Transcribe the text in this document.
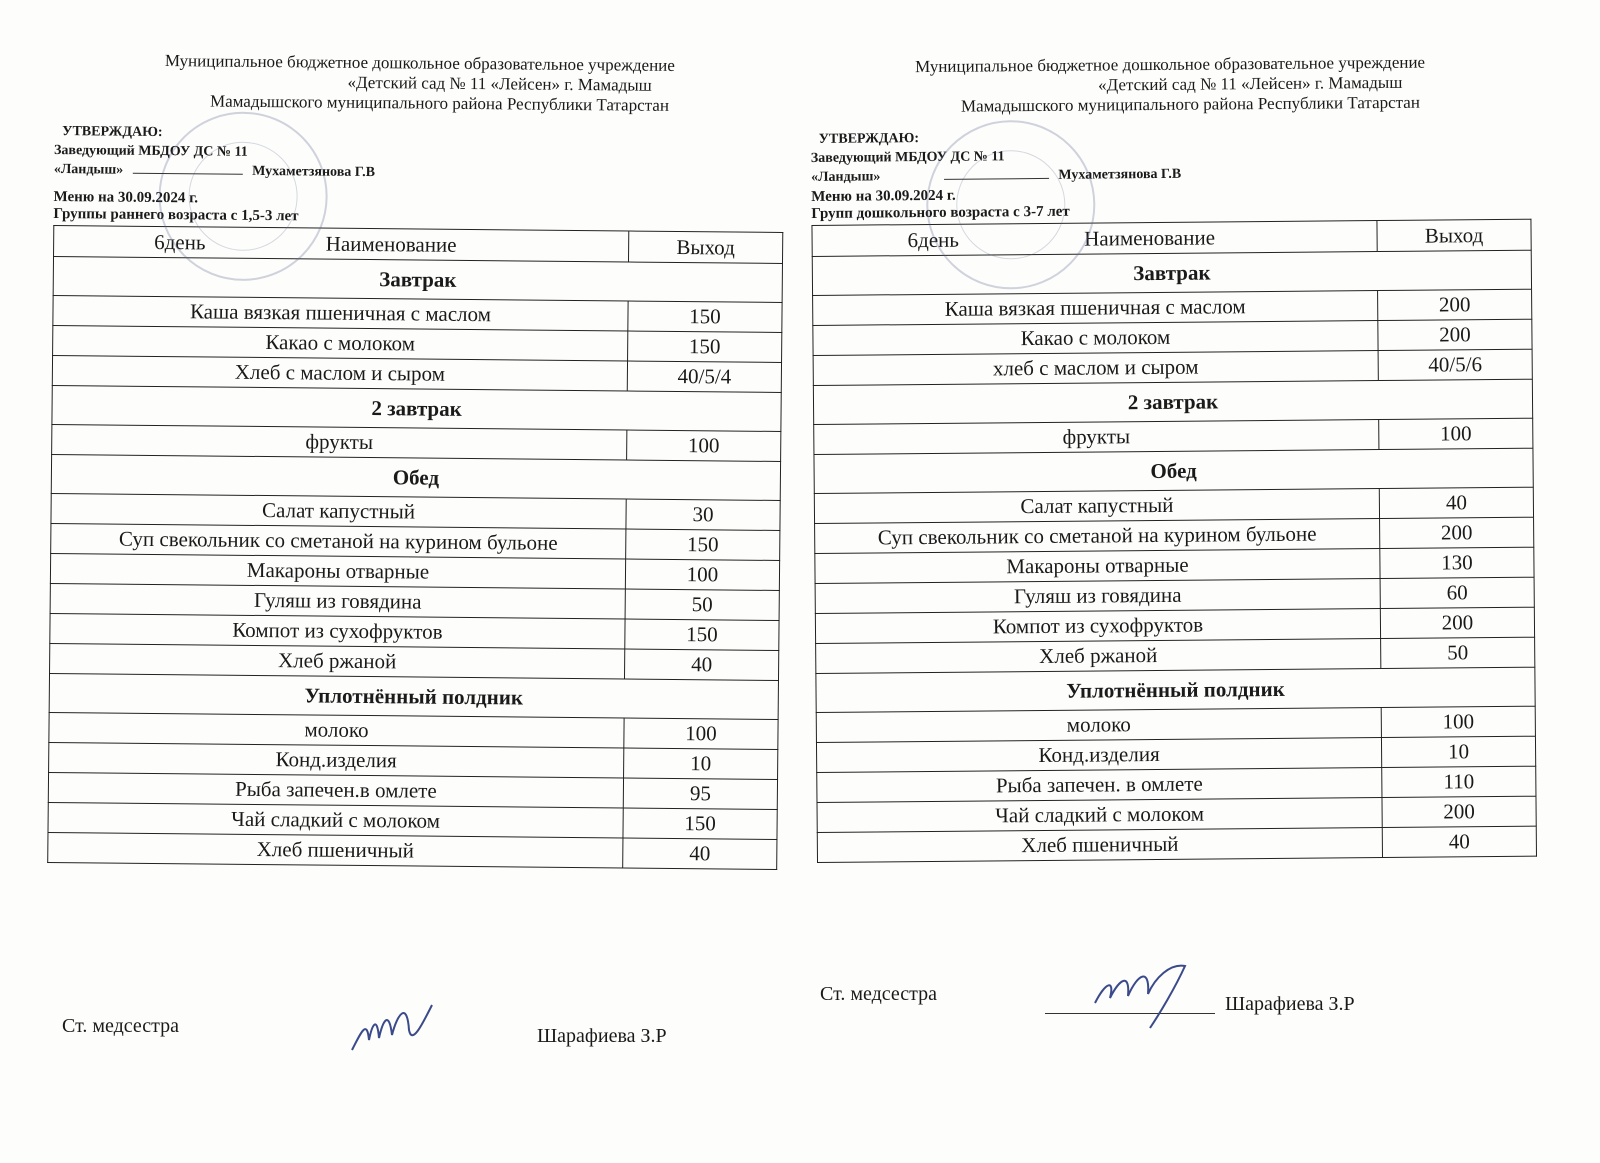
Муниципальное бюджетное дошкольное образовательное учреждение
«Детский сад № 11 «Лейсен» г. Мамадыш
Мамадышского муниципального района Республики Татарстан
УТВЕРЖДАЮ:
Заведующий МБДОУ ДС № 11
«Ландыш»	Мухаметзянова Г.В
Меню на 30.09.2024 г.
Группы раннего возраста с 1,5-3 лет
6день Наименование	Выход
Завтрак	
Каша вязкая пшеничная с маслом	150
Какао с молоком	150
Хлеб с маслом и сыром	40/5/4
2 завтрак	
фрукты	100
Обед	
Салат капустный	30
Суп свекольник со сметаной на курином бульоне	150
Макароны отварные	100
Гуляш из говядина	50
Компот из сухофруктов	150
Хлеб ржаной	40
Уплотнённый полдник	
молоко	100
Конд.изделия	10
Рыба запечен.в омлете	95
Чай сладкий с молоком	150
Хлеб пшеничный	40
Муниципальное бюджетное дошкольное образовательное учреждение
«Детский сад № 11 «Лейсен» г. Мамадыш
Мамадышского муниципального района Республики Татарстан
УТВЕРЖДАЮ:
Заведующий МБДОУ ДС № 11
«Ландыш»	Мухаметзянова Г.В
Меню на 30.09.2024 г.
Групп дошкольного возраста с 3-7 лет
6день Наименование	Выход
Завтрак	
Каша вязкая пшеничная с маслом	200
Какао с молоком	200
хлеб с маслом и сыром	40/5/6
2 завтрак	
фрукты	100
Обед	
Салат капустный	40
Суп свекольник со сметаной на курином бульоне	200
Макароны отварные	130
Гуляш из говядина	60
Компот из сухофруктов	200
Хлеб ржаной	50
Уплотнённый полдник	
молоко	100
Конд.изделия	10
Рыба запечен. в омлете	110
Чай сладкий с молоком	200
Хлеб пшеничный	40
Ст. медсестра	Шарафиева З.Р
Ст. медсестра	Шарафиева З.Р
